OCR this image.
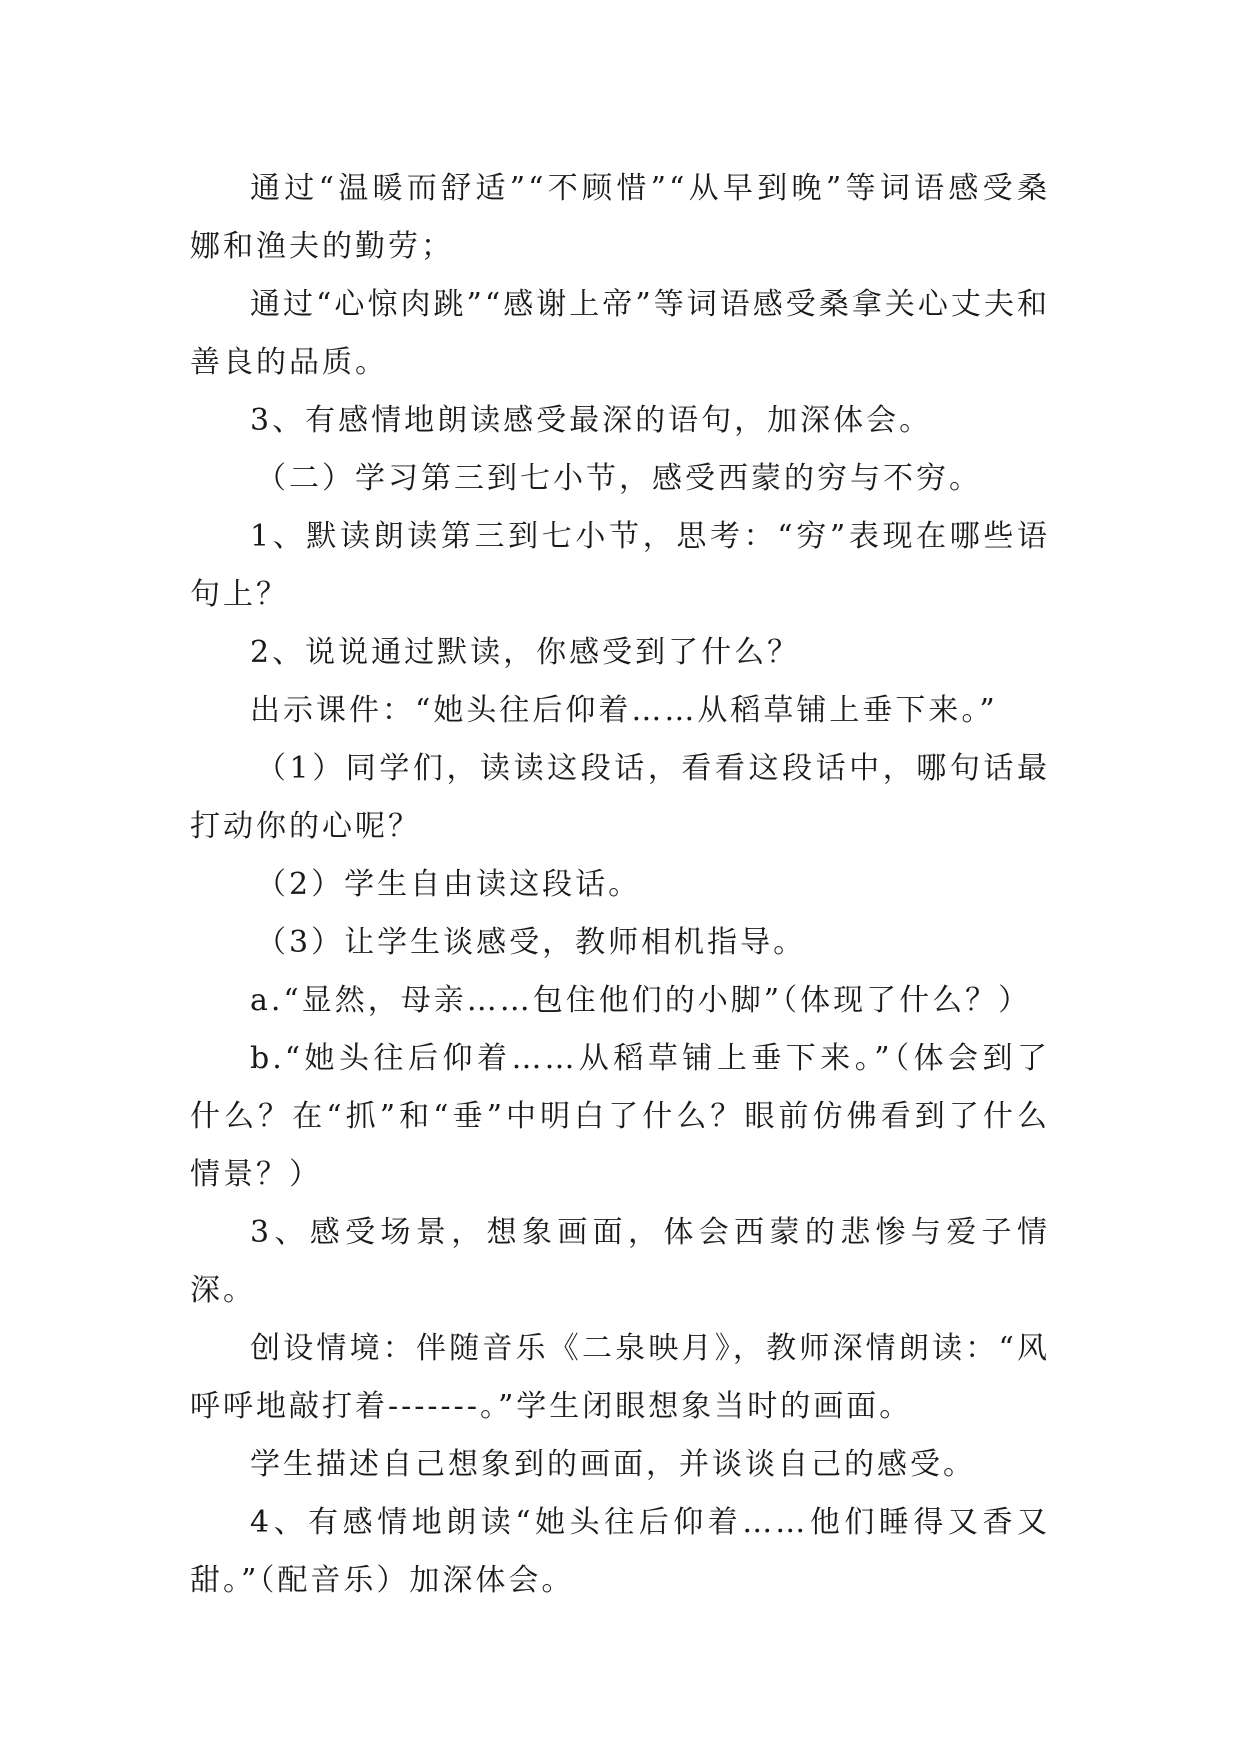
通过“温暖而舒适”“不顾惜”“从早到晚”等词语感受桑娜和渔夫的勤劳；

通过“心惊肉跳”“感谢上帝”等词语感受桑拿关心丈夫和善良的品质。

3、有感情地朗读感受最深的语句，加深体会。

（二）学习第三到七小节，感受西蒙的穷与不穷。

1、默读朗读第三到七小节，思考：“穷”表现在哪些语句上？

2、说说通过默读，你感受到了什么？

出示课件：“她头往后仰着……从稻草铺上垂下来。”

（1）同学们，读读这段话，看看这段话中，哪句话最打动你的心呢？

（2）学生自由读这段话。

（3）让学生谈感受，教师相机指导。

a.“显然，母亲……包住他们的小脚”（体现了什么？）

b.“她头往后仰着……从稻草铺上垂下来。”（体会到了什么？在“抓”和“垂”中明白了什么？眼前仿佛看到了什么情景？）

3、感受场景，想象画面，体会西蒙的悲惨与爱子情深。

创设情境：伴随音乐《二泉映月》，教师深情朗读：“风呼呼地敲打着-------。”学生闭眼想象当时的画面。

学生描述自己想象到的画面，并谈谈自己的感受。

4、有感情地朗读“她头往后仰着……他们睡得又香又甜。”（配音乐）加深体会。
